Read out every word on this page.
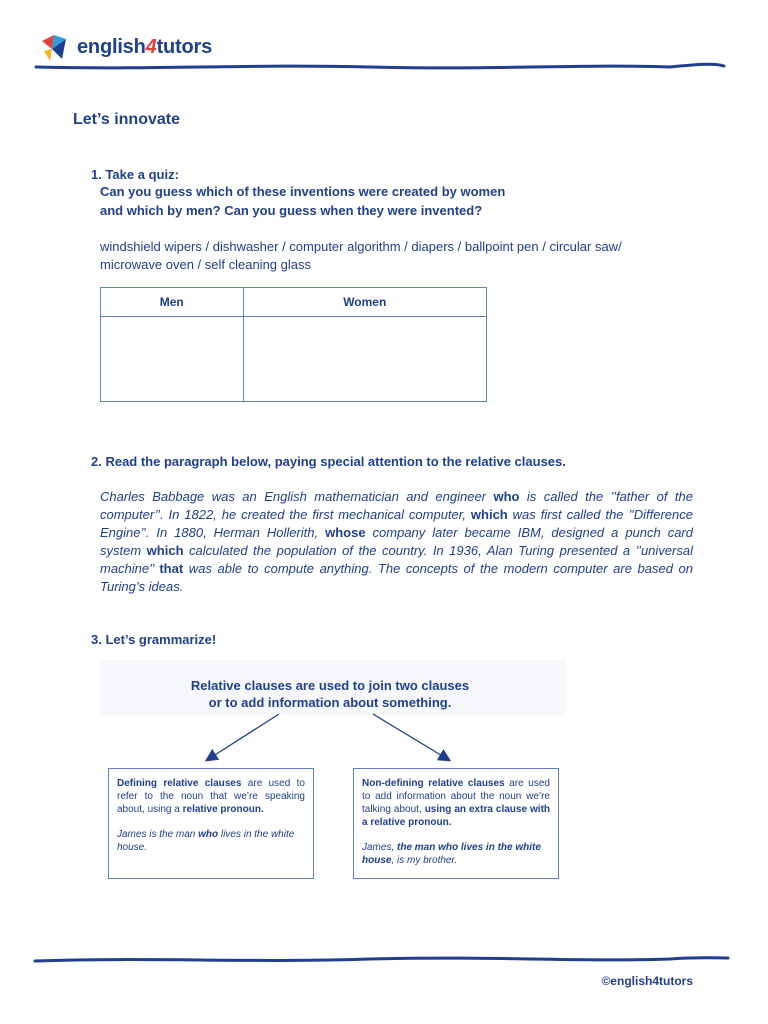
english4tutors
Let’s innovate
1. Take a quiz:
Can you guess which of these inventions were created by women
and which by men? Can you guess when they were invented?
windshield wipers / dishwasher / computer algorithm / diapers / ballpoint pen / circular saw/
microwave oven / self cleaning glass
Men	Women

2. Read the paragraph below, paying special attention to the relative clauses.
Charles Babbage was an English mathematician and engineer who is called the ’’father of the computer’’. In 1822, he created the first mechanical computer, which was first called the ’’Difference Engine’’. In 1880, Herman Hollerith, whose company later became IBM, designed a punch card system which calculated the population of the country. In 1936, Alan Turing presented a ’’universal machine’’ that was able to compute anything. The concepts of the modern computer are based on Turing’s ideas.
3. Let’s grammarize!
Relative clauses are used to join two clauses
or to add information about something.
Defining relative clauses are used to refer to the noun that we’re speaking about, using a relative pronoun.
James is the man who lives in the white house.
Non-defining relative clauses are used to add information about the noun we’re talking about, using an extra clause with a relative pronoun.
James, the man who lives in the white house, is my brother.
©english4tutors
